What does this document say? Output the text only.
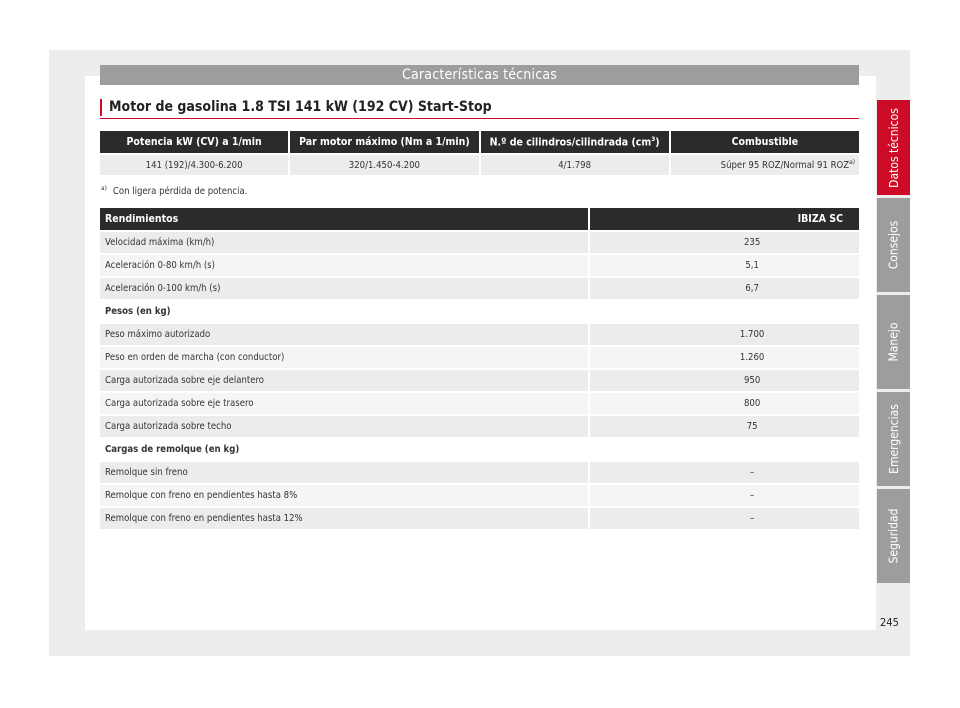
Características técnicas
Motor de gasolina 1.8 TSI 141 kW (192 CV) Start-Stop
Potencia kW (CV) a 1/min	Par motor máximo (Nm a 1/min)	N.º de cilindros/cilindrada $(cm^3)$	Combustible
141 (192)/4.300-6.200	320/1.450-4.200	4/1.798	Súper 95 ROZ/Normal 91 ROZ$^{a)}$
$^{a)}$ Con ligera pérdida de potencia.
Rendimientos	IBIZA SC
Velocidad máxima (km/h)	235
Aceleración 0-80 km/h (s)	5,1
Aceleración 0-100 km/h (s)	6,7
Pesos (en kg)	
Peso máximo autorizado	1.700
Peso en orden de marcha (con conductor)	1.260
Carga autorizada sobre eje delantero	950
Carga autorizada sobre eje trasero	800
Carga autorizada sobre techo	75
Cargas de remolque (en kg)	
Remolque sin freno	–
Remolque con freno en pendientes hasta 8%	–
Remolque con freno en pendientes hasta 12%	–
Datos técnicos
Consejos
Manejo
Emergencias
Seguridad
245
